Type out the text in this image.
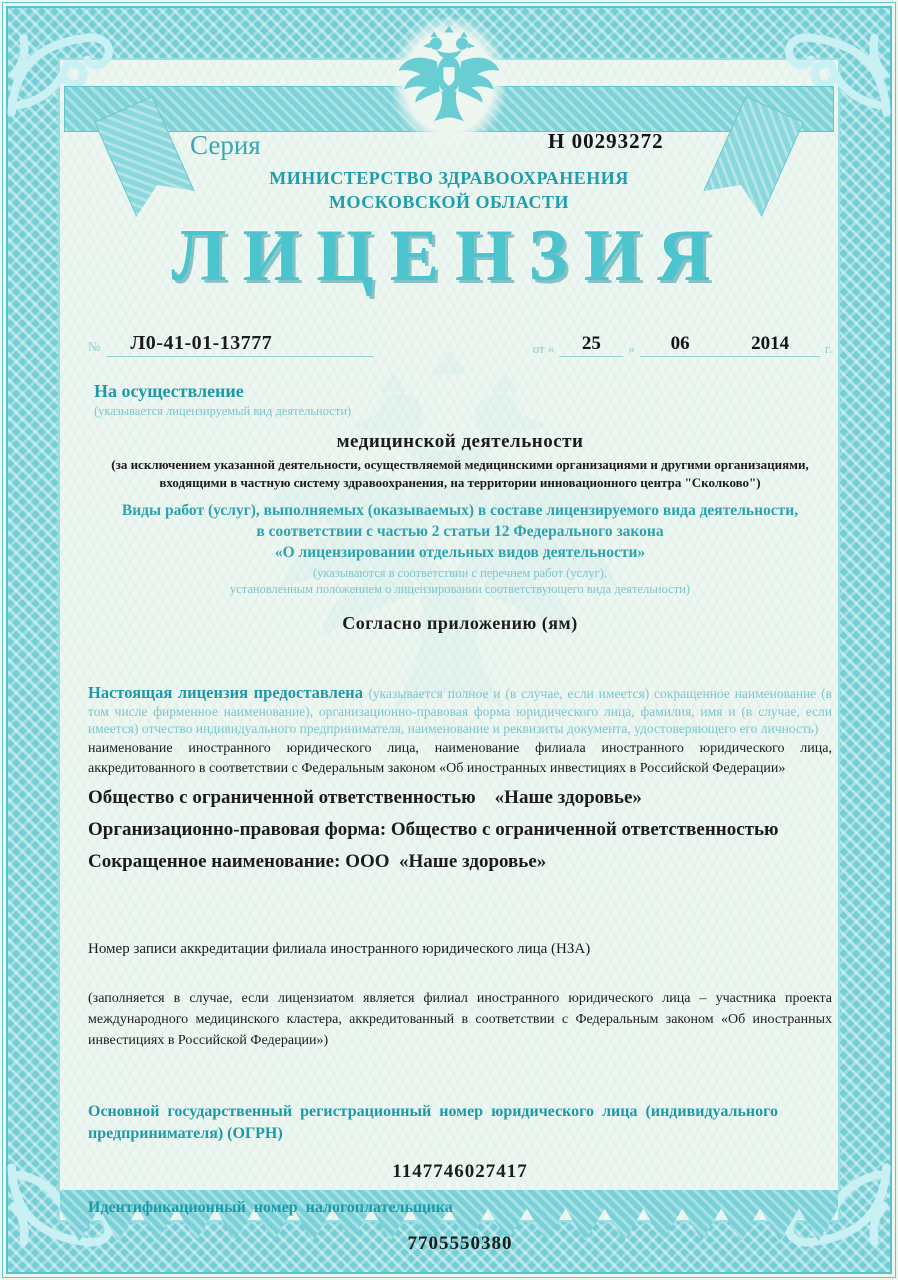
Серия	Н 00293272
МИНИСТЕРСТВО ЗДРАВООХРАНЕНИЯ
МОСКОВСКОЙ ОБЛАСТИ
ЛИЦЕНЗИЯ
№	Л0-41-01-13777	от «	25	» 06	2014	г.

На осуществление

(указывается лицензируемый вид деятельности)

медицинской деятельности

(за исключением указанной деятельности, осуществляемой медицинскими организациями и другими организациями, входящими в частную систему здравоохранения, на территории инновационного центра "Сколково")

Виды работ (услуг), выполняемых (оказываемых) в составе лицензируемого вида деятельности,
в соответствии с частью 2 статьи 12 Федерального закона
«О лицензировании отдельных видов деятельности»
(указываются в соответствии с перечнем работ (услуг),
установленным положением о лицензировании соответствующего вида деятельности)

Согласно приложению (ям)

Настоящая лицензия предоставлена (указывается полное и (в случае, если имеется) сокращенное наименование (в том числе фирменное наименование), организационно-правовая форма юридического лица, фамилия, имя и (в случае, если имеется) отчество индивидуального предпринимателя, наименование и реквизиты документа, удостоверяющего его личность)

наименование иностранного юридического лица, наименование филиала иностранного юридического лица, аккредитованного в соответствии с Федеральным законом «Об иностранных инвестициях в Российской Федерации»

Общество с ограниченной ответственностью    «Наше здоровье»

Организационно-правовая форма: Общество с ограниченной ответственностью

Сокращенное наименование: ООО  «Наше здоровье»

Номер записи аккредитации филиала иностранного юридического лица (НЗА)

(заполняется в случае, если лицензиатом является филиал иностранного юридического лица – участника проекта международного медицинского кластера, аккредитованный в соответствии с Федеральным законом «Об иностранных инвестициях в Российской Федерации»)

Основной государственный регистрационный номер юридического лица (индивидуального предпринимателя) (ОГРН)

1147746027417

Идентификационный номер налогоплательщика

7705550380
